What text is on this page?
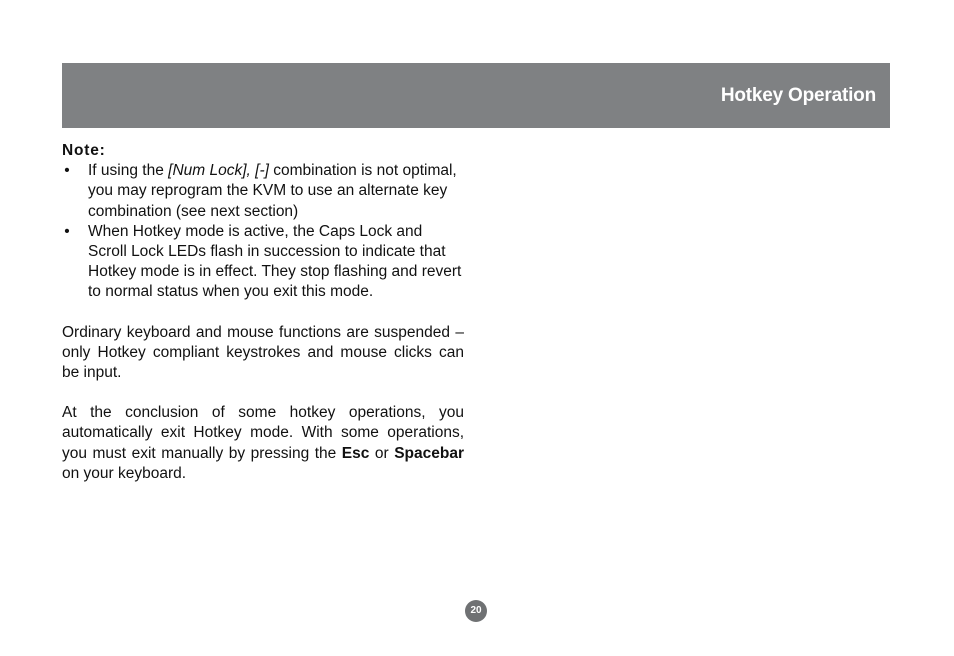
Hotkey Operation

Note:

• If using the [Num Lock], [-] combination is not optimal, you may reprogram the KVM to use an alternate key combination (see next section)
• When Hotkey mode is active, the Caps Lock and Scroll Lock LEDs flash in succession to indicate that Hotkey mode is in effect. They stop flashing and revert to normal status when you exit this mode.

Ordinary keyboard and mouse functions are suspended – only Hotkey compliant keystrokes and mouse clicks can be input.

At the conclusion of some hotkey operations, you automatically exit Hotkey mode. With some operations, you must exit manually by pressing the Esc or Spacebar on your keyboard.

20
